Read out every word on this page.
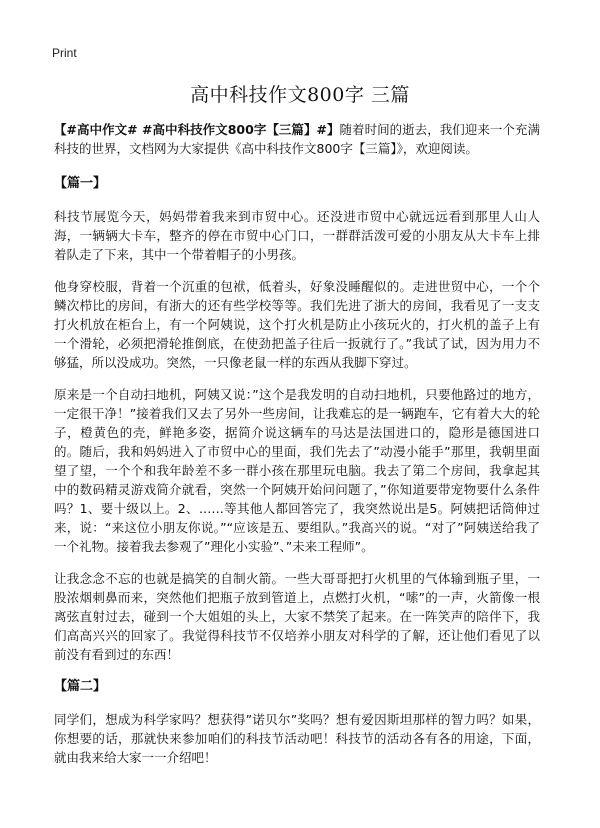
Print
高中科技作文800字 三篇

【#高中作文# #高中科技作文800字【三篇】#】随着时间的逝去，我们迎来一个充满科技的世界，文档网为大家提供《高中科技作文800字【三篇】》，欢迎阅读。

【篇一】

科技节展览今天，妈妈带着我来到市贸中心。还没进市贸中心就远远看到那里人山人海，一辆辆大卡车，整齐的停在市贸中心门口，一群群活泼可爱的小朋友从大卡车上排着队走了下来，其中一个带着帽子的小男孩。

他身穿校服，背着一个沉重的包袱，低着头，好象没睡醒似的。走进世贸中心，一个个鳞次栉比的房间，有浙大的还有些学校等等。我们先进了浙大的房间，我看见了一支支打火机放在柜台上，有一个阿姨说，这个打火机是防止小孩玩火的，打火机的盖子上有一个滑轮，必须把滑轮推倒底，在使劲把盖子往后一扳就行了。”我试了试，因为用力不够猛，所以没成功。突然，一只像老鼠一样的东西从我脚下穿过。

原来是一个自动扫地机，阿姨又说：”这个是我发明的自动扫地机，只要他路过的地方，一定很干净！”接着我们又去了另外一些房间，让我难忘的是一辆跑车，它有着大大的轮子，橙黄色的壳，鲜艳多姿，据简介说这辆车的马达是法国进口的，隐形是德国进口的。随后，我和妈妈进入了市贸中心的里面，我们先去了”动漫小能手”那里，我朝里面望了望，一个个和我年龄差不多一群小孩在那里玩电脑。我去了第二个房间，我拿起其中的数码精灵游戏简介就看，突然一个阿姨开始问问题了，”你知道要带宠物要什么条件吗？1、要十级以上。2、……等其他人都回答完了，我突然说出是5。阿姨把话筒伸过来，说：“来这位小朋友你说。”“应该是五、要组队。”我高兴的说。“对了”阿姨送给我了一个礼物。接着我去参观了”理化小实验”、”未来工程师”。

让我念念不忘的也就是搞笑的自制火箭。一些大哥哥把打火机里的气体输到瓶子里，一股浓烟刺鼻而来，突然他们把瓶子放到管道上，点燃打火机，“嗦”的一声，火箭像一根离弦直射过去，碰到一个大姐姐的头上，大家不禁笑了起来。在一阵笑声的陪伴下，我们高高兴兴的回家了。我觉得科技节不仅培养小朋友对科学的了解，还让他们看见了以前没有看到过的东西！

【篇二】

同学们，想成为科学家吗？想获得”诺贝尔”奖吗？想有爱因斯坦那样的智力吗？如果，你想要的话，那就快来参加咱们的科技节活动吧！科技节的活动各有各的用途，下面，就由我来给大家一一介绍吧！
